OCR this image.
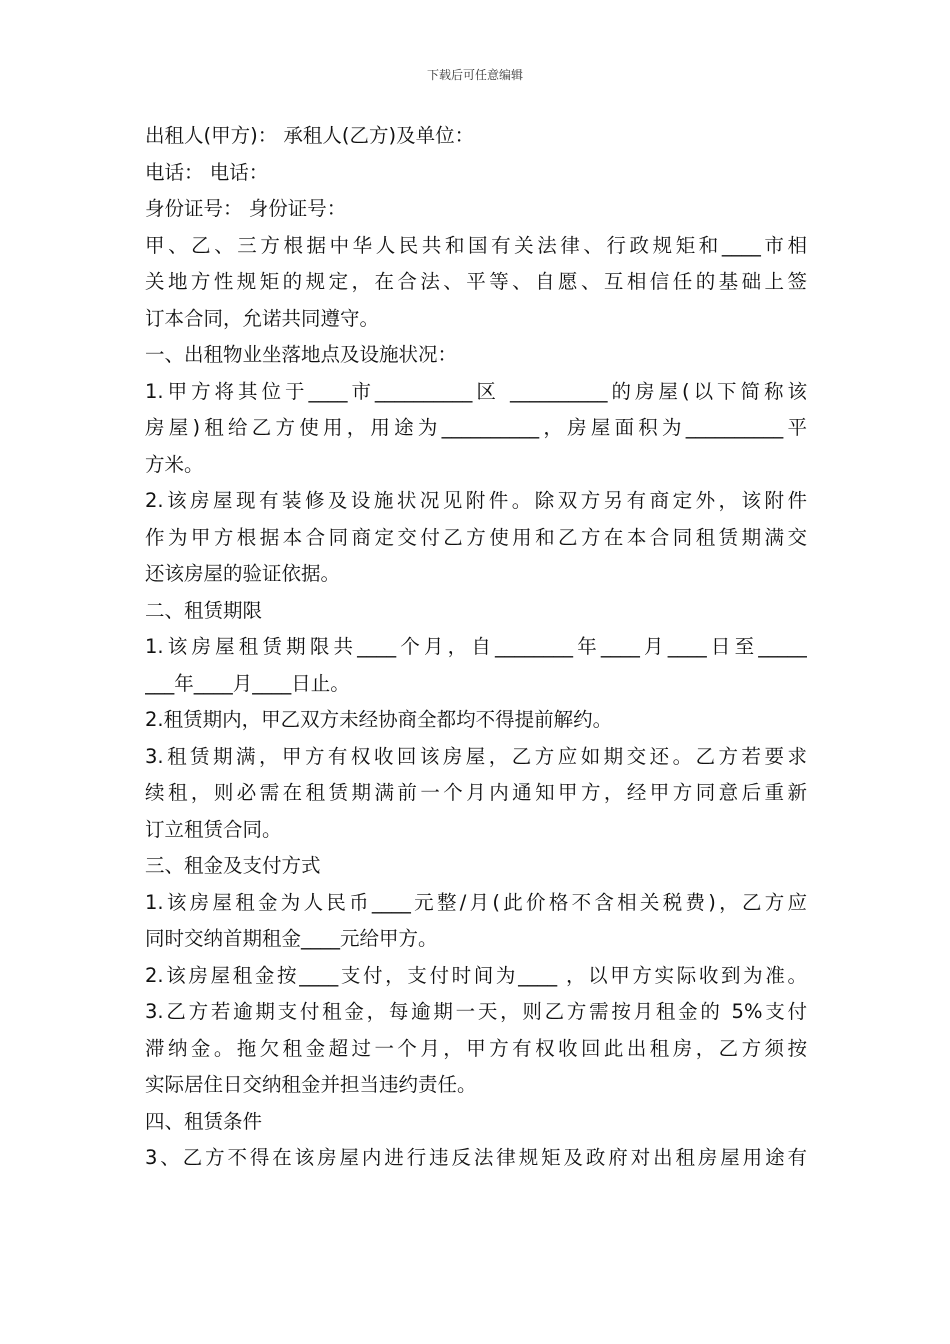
下载后可任意编辑
出租人(甲方)： 承租人(乙方)及单位：
电话： 电话：
身份证号： 身份证号：
甲、乙、三方根据中华人民共和国有关法律、行政规矩和____市相
关地方性规矩的规定，在合法、平等、自愿、互相信任的基础上签
订本合同，允诺共同遵守。
一、出租物业坐落地点及设施状况：
1.甲方将其位于____市__________区 __________的房屋(以下简称该
房屋)租给乙方使用，用途为__________，房屋面积为__________平
方米。
2.该房屋现有装修及设施状况见附件。除双方另有商定外，该附件
作为甲方根据本合同商定交付乙方使用和乙方在本合同租赁期满交
还该房屋的验证依据。
二、租赁期限
1.该房屋租赁期限共____个月，自________年____月____日至_____
___年____月____日止。
2.租赁期内，甲乙双方未经协商全都均不得提前解约。
3.租赁期满，甲方有权收回该房屋，乙方应如期交还。乙方若要求
续租，则必需在租赁期满前一个月内通知甲方，经甲方同意后重新
订立租赁合同。
三、租金及支付方式
1.该房屋租金为人民币____元整/月(此价格不含相关税费)，乙方应
同时交纳首期租金____元给甲方。
2.该房屋租金按____支付，支付时间为____ ，以甲方实际收到为准。
3.乙方若逾期支付租金，每逾期一天，则乙方需按月租金的 5%支付
滞纳金。拖欠租金超过一个月，甲方有权收回此出租房，乙方须按
实际居住日交纳租金并担当违约责任。
四、租赁条件
3、乙方不得在该房屋内进行违反法律规矩及政府对出租房屋用途有
